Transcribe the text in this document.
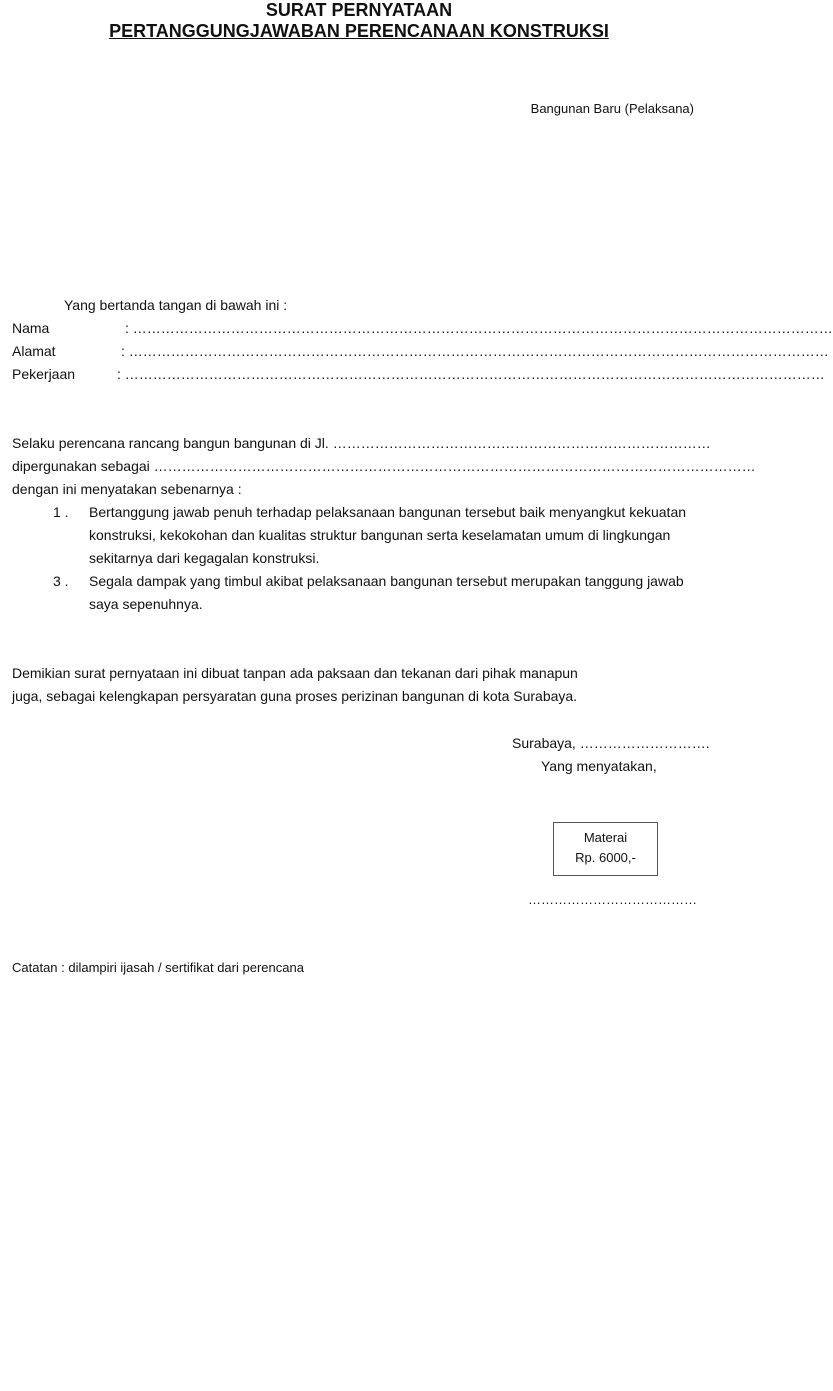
Bangunan Baru (Pelaksana)
SURAT PERNYATAAN
PERTANGGUNGJAWABAN PERENCANAAN KONSTRUKSI
Yang bertanda tangan di bawah ini :
Nama	: ……………………………………………………………………………………………………………………………………
Alamat	: ……………………………………………………………………………………………………………………………………
Pekerjaan	: ……………………………………………………………………………………………………………………………………
Selaku perencana rancang bangun bangunan di Jl. ………………………………………………………………………
dipergunakan sebagai …………………………………………………………………………………………………………………
dengan ini menyatakan sebenarnya :
1 . Bertanggung jawab penuh terhadap pelaksanaan bangunan tersebut baik menyangkut kekuatan konstruksi, kekokohan dan kualitas struktur bangunan serta keselamatan umum di lingkungan sekitarnya dari kegagalan konstruksi.
3 . Segala dampak yang timbul akibat pelaksanaan bangunan tersebut merupakan tanggung jawab saya sepenuhnya.
Demikian surat pernyataan ini dibuat tanpan ada paksaan dan tekanan dari pihak manapun
juga, sebagai kelengkapan persyaratan guna proses perizinan bangunan di kota Surabaya.
Surabaya, ……………………….
Yang menyatakan,
Materai
Rp. 6000,-
…………………………………
Catatan : dilampiri ijasah / sertifikat dari perencana
